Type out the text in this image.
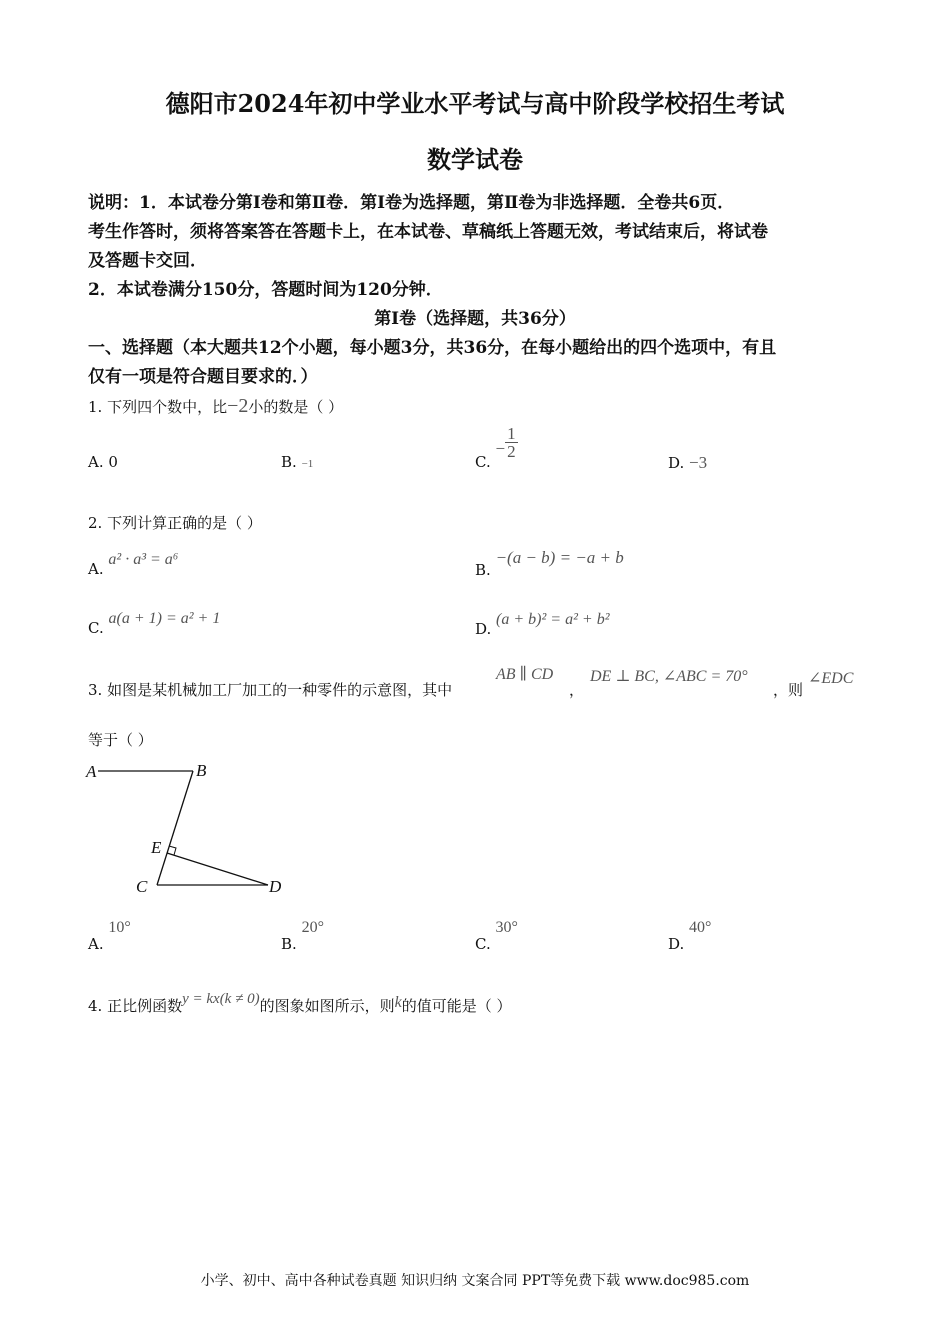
德阳市2024年初中学业水平考试与高中阶段学校招生考试
数学试卷
说明：1．本试卷分第Ⅰ卷和第Ⅱ卷．第Ⅰ卷为选择题，第Ⅱ卷为非选择题．全卷共6页．
考生作答时，须将答案答在答题卡上，在本试卷、草稿纸上答题无效，考试结束后，将试卷
及答题卡交回．
2．本试卷满分150分，答题时间为120分钟．
第Ⅰ卷（选择题，共36分）
一、选择题（本大题共12个小题，每小题3分，共36分，在每小题给出的四个选项中，有且
仅有一项是符合题目要求的．）
1. 下列四个数中，比−2小的数是（ ）
A. 0	B. −1	C. − $\frac{1}{2}$
D. −3
2. 下列计算正确的是（ ）
A. a² · a³ = a⁶
B. −(a − b) = −a + b
C. a(a + 1) = a² + 1
D. (a + b)² = a² + b²
3. 如图是某机械加工厂加工的一种零件的示意图，其中
AB ∥ CD
，
DE ⊥ BC, ∠ABC = 70°
，则
∠EDC
等于（ ）
A	B
E
C	D
A. 10°
B. 20°
C. 30°
D. 40°
4. 正比例函数y = kx(k ≠ 0)的图象如图所示，则k的值可能是（ ）
小学、初中、高中各种试卷真题 知识归纳 文案合同 PPT等免费下载 www.doc985.com
